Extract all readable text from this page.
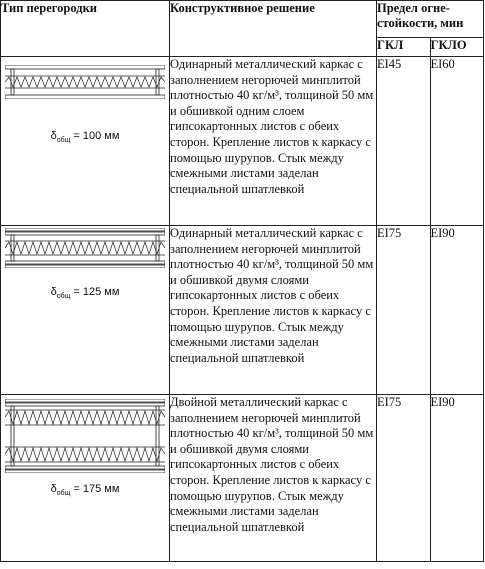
Тип перегородки	Конструктивное решение	Предел огне-стойкости, мин	
		ГКЛ	ГКЛО

$\delta_{общ} = 100$ мм	Одинарный металлический каркас с заполнением негорючей минплитой плотностью 40 кг/м³, толщиной 50 мм и обшивкой одним слоем гипсокартонных листов с обеих сторон. Крепление листов к каркасу с помощью шурупов. Стык между смежными листами заделан специальной шпатлевкой	EI45	EI60

$\delta_{общ} = 125$ мм	Одинарный металлический каркас с заполнением негорючей минплитой плотностью 40 кг/м³, толщиной 50 мм и обшивкой двумя слоями гипсокартонных листов с обеих сторон. Крепление листов к каркасу с помощью шурупов. Стык между смежными листами заделан специальной шпатлевкой	EI75	EI90

$\delta_{общ} = 175$ мм	Двойной металлический каркас с заполнением негорючей минплитой плотностью 40 кг/м³, толщиной 50 мм и обшивкой двумя слоями гипсокартонных листов с обеих сторон. Крепление листов к каркасу с помощью шурупов. Стык между смежными листами заделан специальной шпатлевкой	EI75	EI90
